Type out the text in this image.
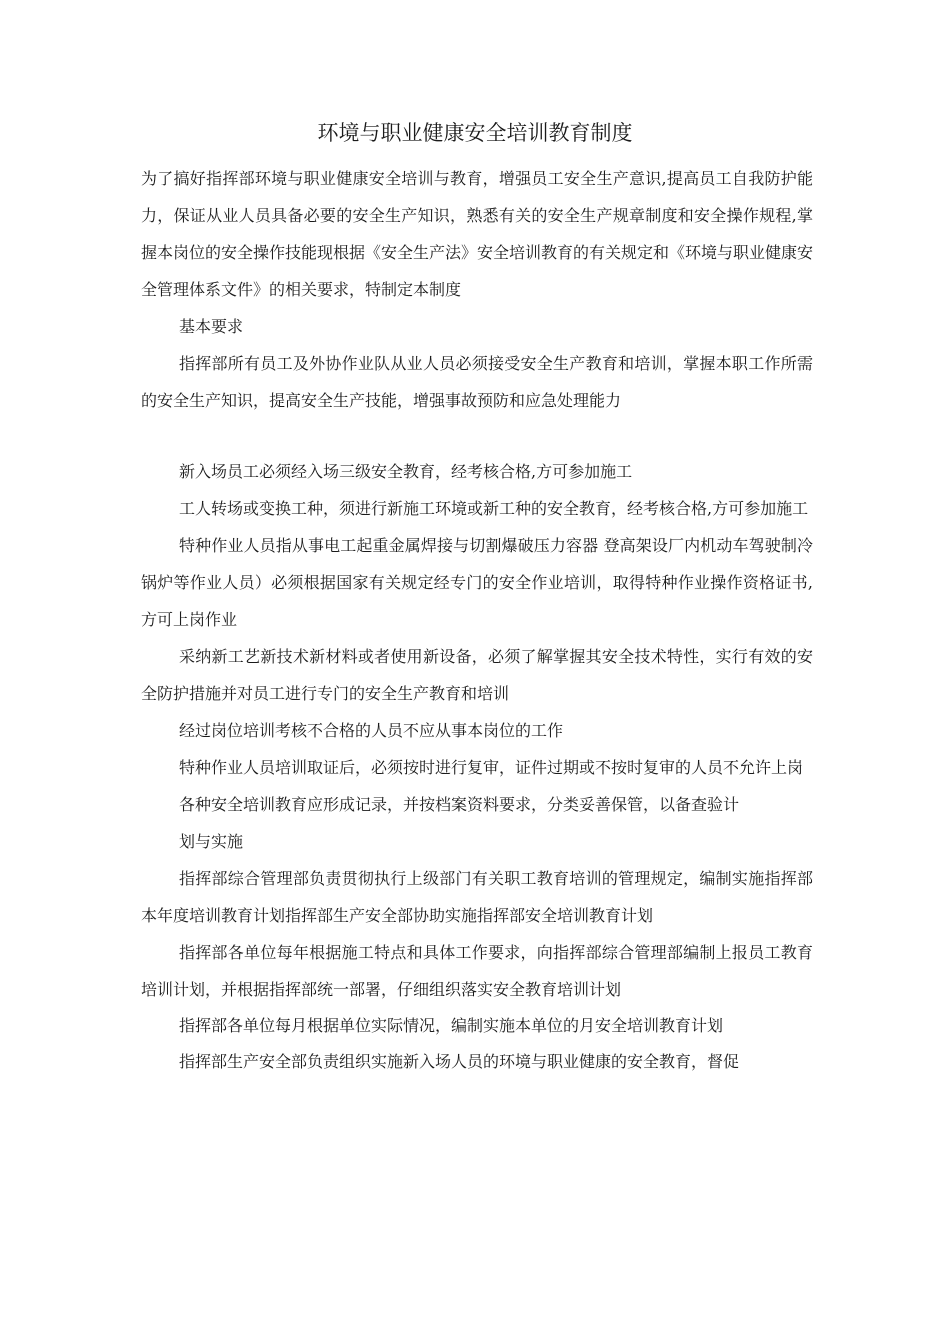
环境与职业健康安全培训教育制度

为了搞好指挥部环境与职业健康安全培训与教育，增强员工安全生产意识,提高员工自我防护能力，保证从业人员具备必要的安全生产知识，熟悉有关的安全生产规章制度和安全操作规程,掌握本岗位的安全操作技能现根据《安全生产法》安全培训教育的有关规定和《环境与职业健康安全管理体系文件》的相关要求，特制定本制度

基本要求

指挥部所有员工及外协作业队从业人员必须接受安全生产教育和培训，掌握本职工作所需的安全生产知识，提高安全生产技能，增强事故预防和应急处理能力

新入场员工必须经入场三级安全教育，经考核合格,方可参加施工

工人转场或变换工种，须进行新施工环境或新工种的安全教育，经考核合格,方可参加施工

特种作业人员指从事电工起重金属焊接与切割爆破压力容器 登高架设厂内机动车驾驶制冷锅炉等作业人员）必须根据国家有关规定经专门的安全作业培训，取得特种作业操作资格证书,方可上岗作业

采纳新工艺新技术新材料或者使用新设备，必须了解掌握其安全技术特性，实行有效的安全防护措施并对员工进行专门的安全生产教育和培训

经过岗位培训考核不合格的人员不应从事本岗位的工作

特种作业人员培训取证后，必须按时进行复审，证件过期或不按时复审的人员不允许上岗

各种安全培训教育应形成记录，并按档案资料要求，分类妥善保管，以备查验计

划与实施

指挥部综合管理部负责贯彻执行上级部门有关职工教育培训的管理规定，编制实施指挥部本年度培训教育计划指挥部生产安全部协助实施指挥部安全培训教育计划

指挥部各单位每年根据施工特点和具体工作要求，向指挥部综合管理部编制上报员工教育培训计划，并根据指挥部统一部署，仔细组织落实安全教育培训计划

指挥部各单位每月根据单位实际情况，编制实施本单位的月安全培训教育计划

指挥部生产安全部负责组织实施新入场人员的环境与职业健康的安全教育，督促
